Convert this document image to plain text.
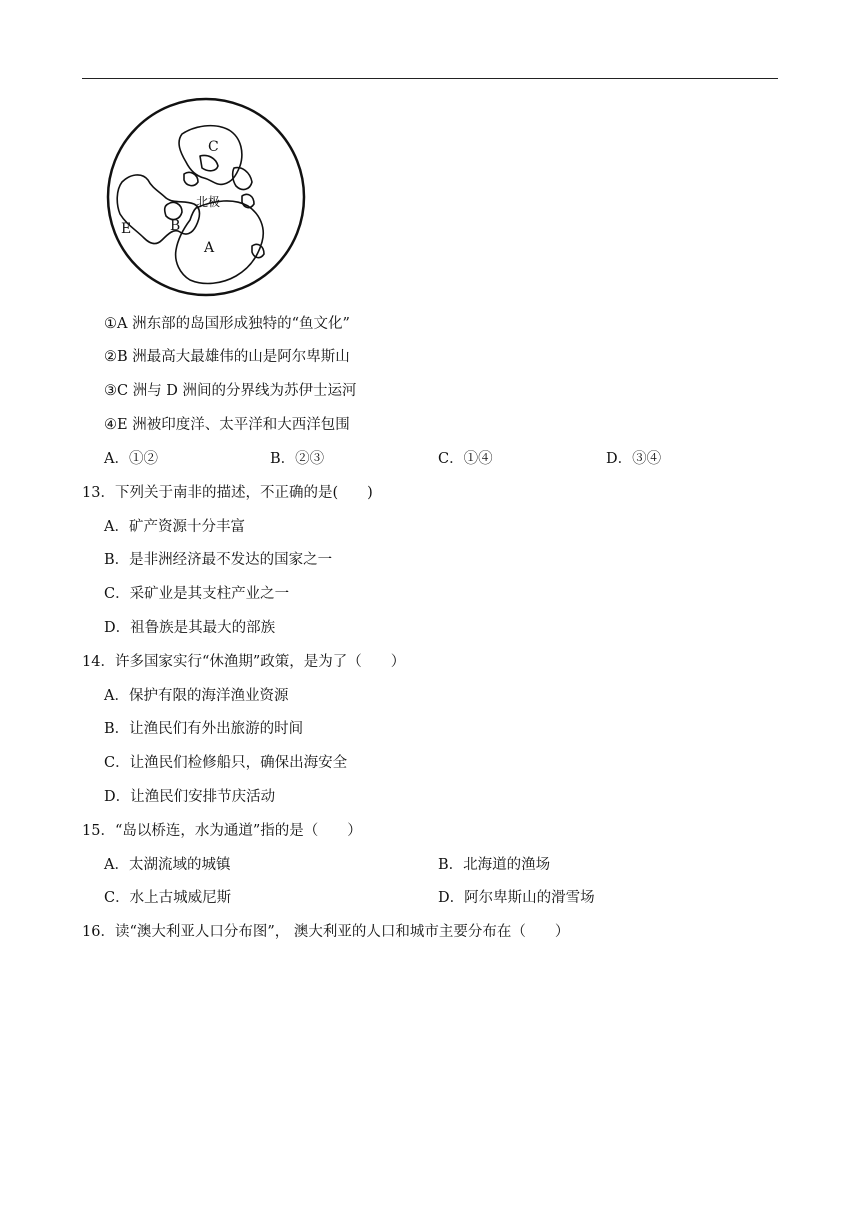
C
北极
B
E
A
①A 洲东部的岛国形成独特的“鱼文化”
②B 洲最高大最雄伟的山是阿尔卑斯山
③C 洲与 D 洲间的分界线为苏伊士运河
④E 洲被印度洋、太平洋和大西洋包围
A．①②	B．②③	C．①④	D．③④
13．下列关于南非的描述，不正确的是(　　)
A．矿产资源十分丰富
B．是非洲经济最不发达的国家之一
C．采矿业是其支柱产业之一
D．祖鲁族是其最大的部族
14．许多国家实行“休渔期”政策，是为了（　　）
A．保护有限的海洋渔业资源
B．让渔民们有外出旅游的时间
C．让渔民们检修船只，确保出海安全
D．让渔民们安排节庆活动
15．“岛以桥连，水为通道”指的是（　　）
A．太湖流域的城镇	B．北海道的渔场
C．水上古城威尼斯	D．阿尔卑斯山的滑雪场
16．读“澳大利亚人口分布图”， 澳大利亚的人口和城市主要分布在（　　）
